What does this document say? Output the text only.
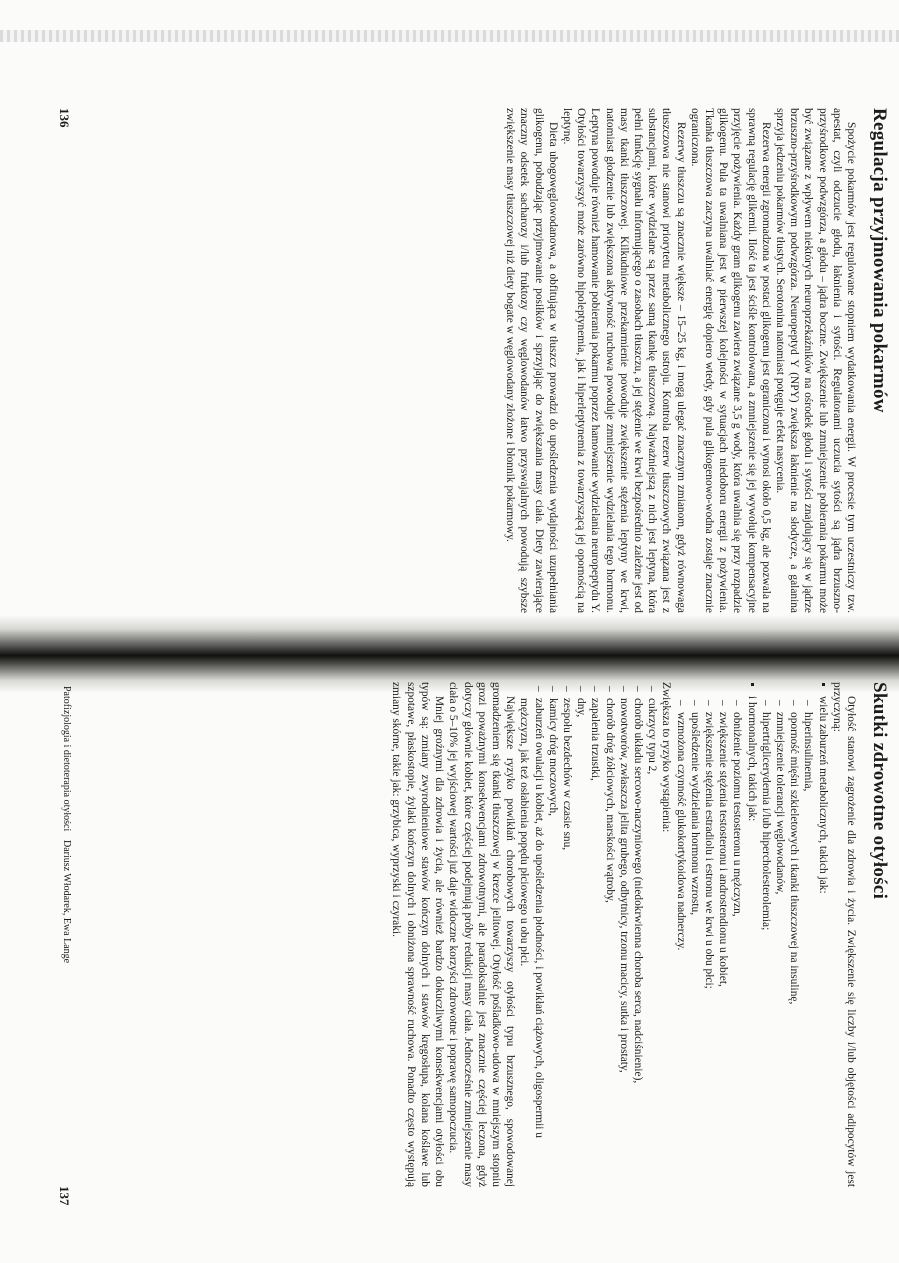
Regulacja przyjmowania pokarmów

Spożycie pokarmów jest regulowane stopniem wydatkowania energii. W procesie tym uczestniczy tzw. apestat, czyli odczucie głodu, łaknienia i sytości. Regulatorami uczucia sytości są jądra brzuszno-przyśrodkowe podwzgórza, a głodu – jądra boczne. Zwiększenie lub zmniejszenie pobierania pokarmu może być związane z wpływem niektórych neuroprzekaźników na ośrodek głodu i sytości znajdujący się w jądrze brzuszno-przyśrodkowym podwzgórza. Neuropeptyd Y (NPY) zwiększa łaknienie na słodycze, a galanina sprzyja jedzeniu pokarmów tłustych. Serotonina natomiast potęguje efekt nasycenia.

Rezerwa energii zgromadzona w postaci glikogenu jest ograniczona i wynosi około 0,5 kg, ale pozwala na sprawną regulację glikemii. Ilość ta jest ściśle kontrolowana, a zmniejszenie się jej wywołuje kompensacyjne przyjęcie pożywienia. Każdy gram glikogenu zawiera związane 3,5 g wody, która uwalnia się przy rozpadzie glikogenu. Pula ta uwalniana jest w pierwszej kolejności w sytuacjach niedoboru energii z pożywienia. Tkanka tłuszczowa zaczyna uwalniać energię dopiero wtedy, gdy pula glikogenowo-wodna zostaje znacznie ograniczona.

Rezerwy tłuszczu są znacznie większe – 15–25 kg, i mogą ulegać znacznym zmianom, gdyż równowaga tłuszczowa nie stanowi priorytetu metabolicznego ustroju. Kontrola rezerw tłuszczowych związana jest z substancjami, które wydzielane są przez samą tkankę tłuszczową. Najważniejszą z nich jest leptyna, która pełni funkcję sygnału informującego o zasobach tłuszczu, a jej stężenie we krwi bezpośrednio zależne jest od masy tkanki tłuszczowej. Kilkudniowe przekarmienie powoduje zwiększenie stężenia leptyny we krwi, natomiast głodzenie lub zwiększona aktywność ruchowa powoduje zmniejszenie wydzielania tego hormonu. Leptyna powoduje również hamowanie pobierania pokarmu poprzez hamowanie wydzielania neuropeptydu Y. Otyłości towarzyszyć może zarówno hipoleptynemia, jak i hiperleptynemia z towarzyszącą jej opornością na leptynę.

Dieta ubogowęglowodanowa, a obfitująca w tłuszcz prowadzi do upośledzenia wydajności uzupełniania glikogenu, pobudzając przyjmowanie posiłków i sprzyjając do zwiększania masy ciała. Diety zawierające znaczny odsetek sacharozy i/lub fruktozy czy węglowodanów łatwo przyswajalnych powodują szybsze zwiększenie masy tłuszczowej niż diety bogate w węglowodany złożone i błonnik pokarmowy.

Dariusz Włodarek, Ewa Lange
136
Skutki zdrowotne otyłości

Otyłość stanowi zagrożenie dla zdrowia i życia. Zwiększenie się liczby i/lub objętości adipocytów jest przyczyną:

▪ wielu zaburzeń metabolicznych, takich jak:
– hiperinsulinemia,
– oporność mięśni szkieletowych i tkanki tłuszczowej na insulinę,
– zmniejszenie tolerancji węglowodanów,
– hipertriglicerydemia i/lub hipercholesterolemia;
▪ i hormonalnych, takich jak:
– obniżenie poziomu testosteronu u mężczyzn,
– zwiększenie stężenia testosteronu i androstendionu u kobiet,
– zwiększenie stężenia estradiolu i estronu we krwi u obu płci;
– upośledzenie wydzielania hormonu wzrostu,
– wzmożona czynność glukokortykoidowa nadnerczy.

Zwiększa to ryzyko wystąpienia:

– cukrzycy typu 2,
– chorób układu sercowo-naczyniowego (niedokrwienna choroba serca, nadciśnienie),
– nowotworów, zwłaszcza jelita grubego, odbytnicy, trzonu macicy, sutka i prostaty,
– chorób dróg żółciowych, marskości wątroby,
– zapalenia trzustki,
– dny,
– zespołu bezdechów w czasie snu,
– kamicy dróg moczowych,
– zaburzeń owulacji u kobiet, aż do upośledzenia płodności, i powikłań ciążowych, oligospermii u mężczyzn, jak też osłabienia popędu płciowego u obu płci.

Największe ryzyko powikłań chorobowych towarzyszy otyłości typu brzusznego, spowodowanej gromadzeniem się tkanki tłuszczowej w krezce jelitowej. Otyłość pośladkowo-udowa w mniejszym stopniu grozi poważnymi konsekwencjami zdrowotnymi, ale paradoksalnie jest znacznie częściej leczona, gdyż dotyczy głównie kobiet, które częściej podejmują próby redukcji masy ciała. Jednocześnie zmniejszenie masy ciała o 5–10% jej wyjściowej wartości już daje widoczne korzyści zdrowotne i poprawę samopoczucia.

Mniej groźnymi dla zdrowia i życia, ale również bardzo dokuczliwymi konsekwencjami otyłości obu typów są: zmiany zwyrodnieniowe stawów kończyn dolnych i stawów kręgosłupa, kolana koślawe lub szpotawe, płaskostopie, żylaki kończyn dolnych i obniżona sprawność ruchowa. Ponadto często występują zmiany skórne, takie jak: grzybica, wyprzyski i czyraki.

Patofizjologia i dietoterapia otyłości
137
